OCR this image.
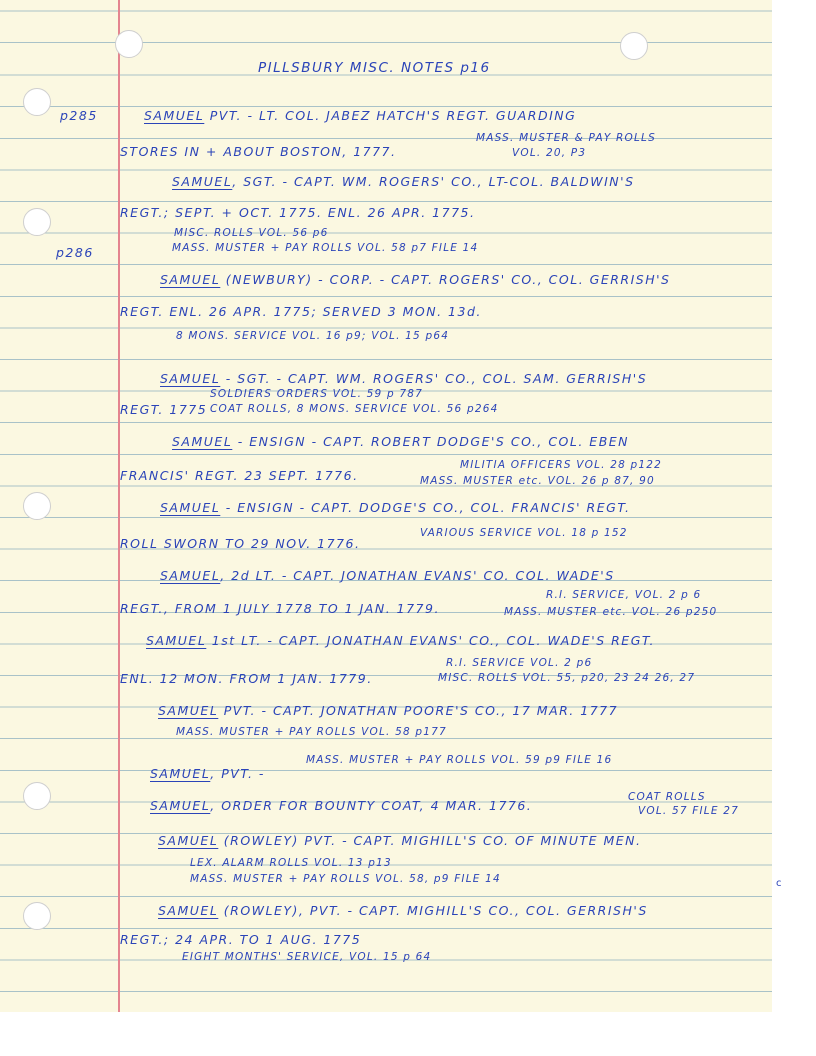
PILLSBURY MISC. NOTES p16
p285
p286
SAMUEL PVT. - LT. COL. JABEZ HATCH'S REGT. GUARDING
MASS. MUSTER & PAY ROLLS
STORES IN + ABOUT BOSTON, 1777.	VOL. 20, P3
SAMUEL, SGT. - CAPT. WM. ROGERS' CO., LT-COL. BALDWIN'S
REGT.; SEPT. + OCT. 1775. ENL. 26 APR. 1775.
MISC. ROLLS VOL. 56 p6
MASS. MUSTER + PAY ROLLS VOL. 58 p7 FILE 14
SAMUEL (NEWBURY) - CORP. - CAPT. ROGERS' CO., COL. GERRISH'S
REGT. ENL. 26 APR. 1775; SERVED 3 MON. 13d.
8 MONS. SERVICE VOL. 16 p9; VOL. 15 p64
SAMUEL - SGT. - CAPT. WM. ROGERS' CO., COL. SAM. GERRISH'S
REGT. 1775
SOLDIERS ORDERS VOL. 59 p 787
COAT ROLLS, 8 MONS. SERVICE VOL. 56 p264
SAMUEL - ENSIGN - CAPT. ROBERT DODGE'S CO., COL. EBEN
MILITIA OFFICERS VOL. 28 p122
FRANCIS' REGT. 23 SEPT. 1776.	MASS. MUSTER etc. VOL. 26 p 87, 90
SAMUEL - ENSIGN - CAPT. DODGE'S CO., COL. FRANCIS' REGT.
VARIOUS SERVICE VOL. 18 p 152
ROLL SWORN TO 29 NOV. 1776.
SAMUEL, 2d LT. - CAPT. JONATHAN EVANS' CO. COL. WADE'S
R.I. SERVICE, VOL. 2 p 6
REGT., FROM 1 JULY 1778 TO 1 JAN. 1779.	MASS. MUSTER etc. VOL. 26 p250
SAMUEL 1st LT. - CAPT. JONATHAN EVANS' CO., COL. WADE'S REGT.
R.I. SERVICE VOL. 2 p6
ENL. 12 MON. FROM 1 JAN. 1779.	MISC. ROLLS VOL. 55, p20, 23 24 26, 27
SAMUEL PVT. - CAPT. JONATHAN POORE'S CO., 17 MAR. 1777
MASS. MUSTER + PAY ROLLS VOL. 58 p177
SAMUEL, PVT. -
MASS. MUSTER + PAY ROLLS VOL. 59 p9 FILE 16
SAMUEL, ORDER FOR BOUNTY COAT, 4 MAR. 1776.
COAT ROLLS
VOL. 57 FILE 27
SAMUEL (ROWLEY) PVT. - CAPT. MIGHILL'S CO. OF MINUTE MEN.
LEX. ALARM ROLLS VOL. 13 p13
MASS. MUSTER + PAY ROLLS VOL. 58, p9 FILE 14
SAMUEL (ROWLEY), PVT. - CAPT. MIGHILL'S CO., COL. GERRISH'S
REGT.; 24 APR. TO 1 AUG. 1775
EIGHT MONTHS' SERVICE, VOL. 15 p 64
c
